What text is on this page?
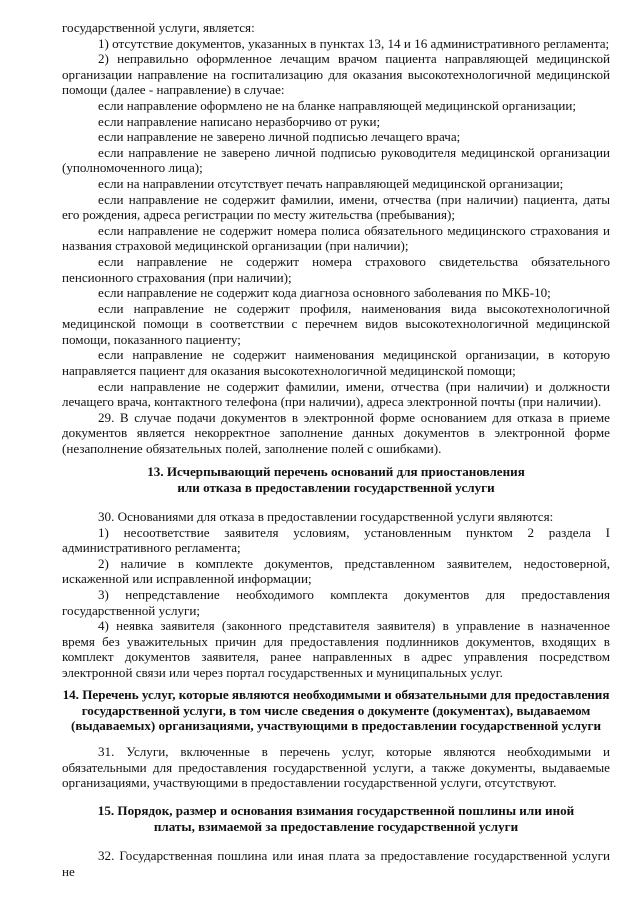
государственной услуги, является:

1) отсутствие документов, указанных в пунктах 13, 14 и 16 административного регламента;

2) неправильно оформленное лечащим врачом пациента направляющей медицинской организации направление на госпитализацию для оказания высокотехнологичной медицинской помощи (далее - направление) в случае:

если направление оформлено не на бланке направляющей медицинской организации;

если направление написано неразборчиво от руки;

если направление не заверено личной подписью лечащего врача;

если направление не заверено личной подписью руководителя медицинской организации (уполномоченного лица);

если на направлении отсутствует печать направляющей медицинской организации;

если направление не содержит фамилии, имени, отчества (при наличии) пациента, даты его рождения, адреса регистрации по месту жительства (пребывания);

если направление не содержит номера полиса обязательного медицинского страхования и названия страховой медицинской организации (при наличии);

если направление не содержит номера страхового свидетельства обязательного пенсионного страхования (при наличии);

если направление не содержит кода диагноза основного заболевания по МКБ-10;

если направление не содержит профиля, наименования вида высокотехнологичной медицинской помощи в соответствии с перечнем видов высокотехнологичной медицинской помощи, показанного пациенту;

если направление не содержит наименования медицинской организации, в которую направляется пациент для оказания высокотехнологичной медицинской помощи;

если направление не содержит фамилии, имени, отчества (при наличии) и должности лечащего врача, контактного телефона (при наличии), адреса электронной почты (при наличии).

29. В случае подачи документов в электронной форме основанием для отказа в приеме документов является некорректное заполнение данных документов в электронной форме (незаполнение обязательных полей, заполнение полей с ошибками).

13. Исчерпывающий перечень оснований для приостановления
или отказа в предоставлении государственной услуги

30. Основаниями для отказа в предоставлении государственной услуги являются:

1) несоответствие заявителя условиям, установленным пунктом 2 раздела I административного регламента;

2) наличие в комплекте документов, представленном заявителем, недостоверной, искаженной или исправленной информации;

3) непредставление необходимого комплекта документов для предоставления государственной услуги;

4) неявка заявителя (законного представителя заявителя) в управление в назначенное время без уважительных причин для предоставления подлинников документов, входящих в комплект документов заявителя, ранее направленных в адрес управления посредством электронной связи или через портал государственных и муниципальных услуг.

14. Перечень услуг, которые являются необходимыми и обязательными для предоставления
государственной услуги, в том числе сведения о документе (документах), выдаваемом
(выдаваемых) организациями, участвующими в предоставлении государственной услуги

31. Услуги, включенные в перечень услуг, которые являются необходимыми и обязательными для предоставления государственной услуги, а также документы, выдаваемые организациями, участвующими в предоставлении государственной услуги, отсутствуют.

15. Порядок, размер и основания взимания государственной пошлины или иной
платы, взимаемой за предоставление государственной услуги

32. Государственная пошлина или иная плата за предоставление государственной услуги не
